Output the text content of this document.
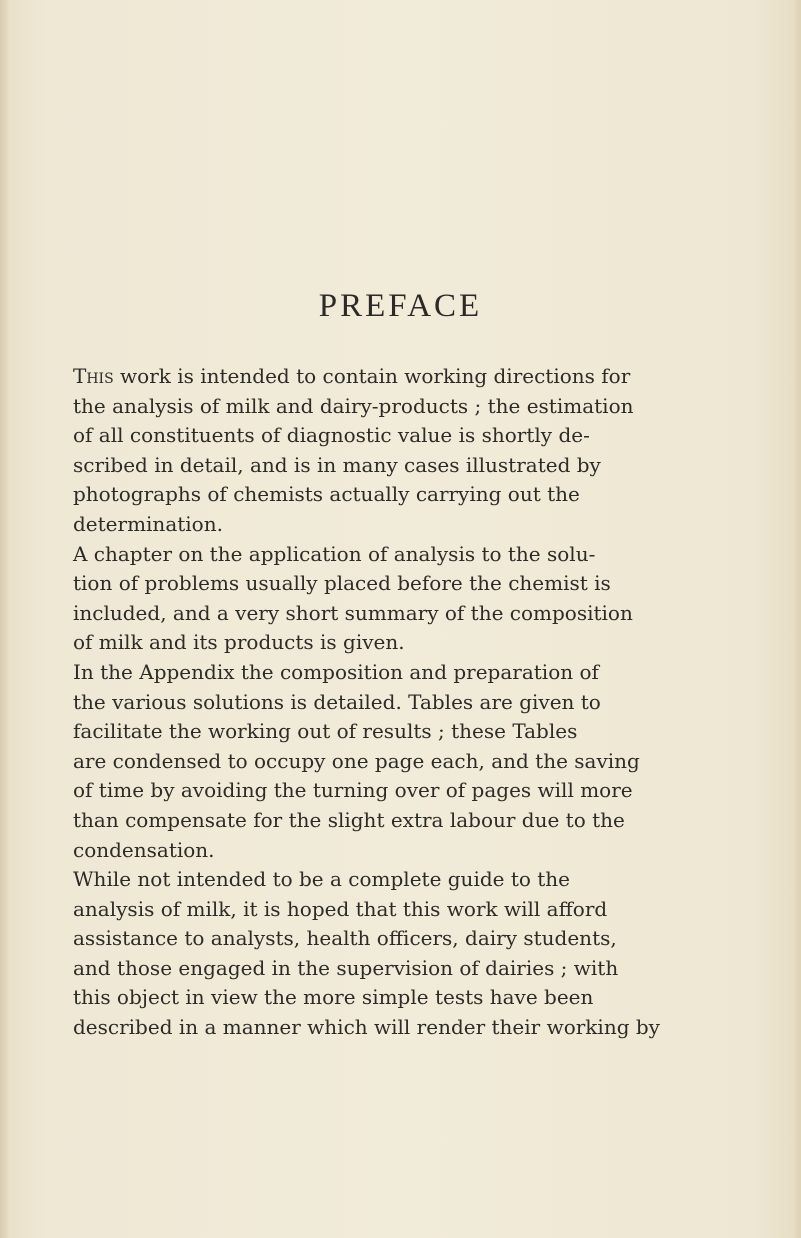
PREFACE
This work is intended to contain working directions for
the analysis of milk and dairy-products ; the estimation
of all constituents of diagnostic value is shortly de-
scribed in detail, and is in many cases illustrated by
photographs of chemists actually carrying out the
determination.
A chapter on the application of analysis to the solu-
tion of problems usually placed before the chemist is
included, and a very short summary of the composition
of milk and its products is given.
In the Appendix the composition and preparation of
the various solutions is detailed. Tables are given to
facilitate the working out of results ; these Tables
are condensed to occupy one page each, and the saving
of time by avoiding the turning over of pages will more
than compensate for the slight extra labour due to the
condensation.
While not intended to be a complete guide to the
analysis of milk, it is hoped that this work will afford
assistance to analysts, health officers, dairy students,
and those engaged in the supervision of dairies ; with
this object in view the more simple tests have been
described in a manner which will render their working by
